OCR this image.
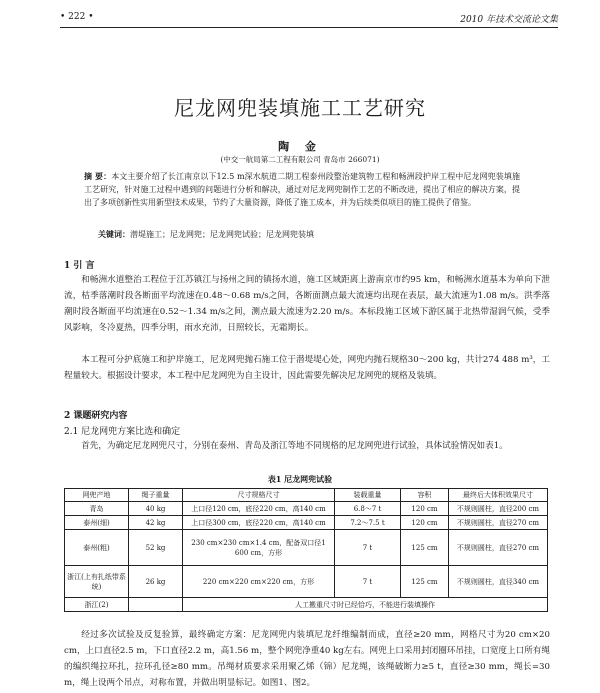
• 222 •	2010 年技术交流论文集
尼龙网兜装填施工工艺研究
陶 金
(中交一航局第二工程有限公司 青岛市 266071)
摘 要：本文主要介绍了长江南京以下12.5 m深水航道二期工程泰州段整治建筑物工程和畅洲段护岸工程中尼龙网兜装填施工艺研究，针对施工过程中遇到的问题进行分析和解决，通过对尼龙网兜制作工艺的不断改进，提出了相应的解决方案，提出了多项创新性实用新型技术成果，节约了大量资源，降低了施工成本，并为后续类似项目的施工提供了借鉴。
关键词：潜堤施工；尼龙网兜；尼龙网兜试验；尼龙网兜装填
1 引 言
和畅洲水道整治工程位于江苏镇江与扬州之间的镇扬水道，施工区域距离上游南京市约95 km，和畅洲水道基本为单向下泄流，枯季落潮时段各断面平均流速在0.48～0.68 m/s之间，各断面测点最大流速均出现在表层，最大流速为1.08 m/s。洪季落潮时段各断面平均流速在0.52～1.34 m/s之间，测点最大流速为2.20 m/s。本标段施工区域下游区属于北热带湿润气候，受季风影响，冬冷夏热，四季分明，雨水充沛，日照较长，无霜期长。
本工程可分护底施工和护岸施工，尼龙网兜抛石施工位于潜堤堤心处，网兜内抛石规格30～200 kg，共计274 488 m³，工程量较大。根据设计要求，本工程中尼龙网兜为自主设计，因此需要先解决尼龙网兜的规格及装填。
2 课题研究内容
2.1 尼龙网兜方案比选和确定
首先，为确定尼龙网兜尺寸，分别在泰州、青岛及浙江等地不同规格的尼龙网兜进行试验，具体试验情况如表1。
表1 尼龙网兜试验
网兜产地	绳子重量	尺寸规格尺寸	装载重量	容积	最终后大体积效果尺寸
青岛	40 kg	上口径120 cm，底径220 cm，高140 cm	6.8～7 t	120 cm	不规则圆柱，直径200 cm
泰州(细)	42 kg	上口径300 cm，底径220 cm，高140 cm	7.2～7.5 t	120 cm	不规则圆柱，直径270 cm
泰州(粗)	52 kg	230 cm×230 cm×1.4 cm，配备双口径1 600 cm，方形	7 t	125 cm	不规则圆柱，直径270 cm
浙江(上有扎纸带系统)	26 kg	220 cm×220 cm×220 cm，方形	7 t	125 cm	不规则圆柱，直径340 cm
浙江(2)		人工搬重尺寸时已经恰巧，不能进行装填操作			
经过多次试验及反复验算，最终确定方案：尼龙网兜内装填尼龙纤维编制而成，直径≥20 mm，网格尺寸为20 cm×20 cm，上口直径2.5 m，下口直径2.2 m，高1.56 m，整个网兜净重40 kg左右。网兜上口采用封闭圈环吊挂，口宽度上口所有绳的编织绳拉环扎，拉环孔径≥80 mm。吊绳材质要求采用聚乙烯（锦）尼龙绳，该绳破断力≥5 t，直径≥30 mm，绳长=30 m，绳上设两个吊点，对称布置，并做出明显标记。如图1、图2。
